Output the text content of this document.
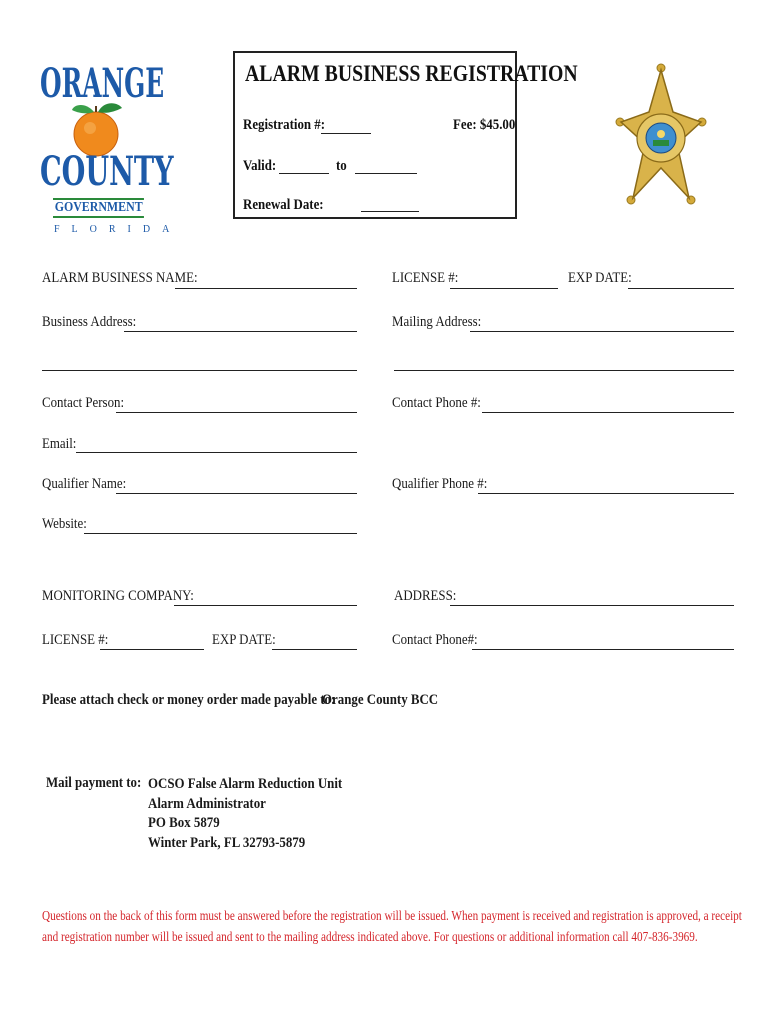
ORANGE
COUNTY
GOVERNMENT
FLORIDA
ALARM BUSINESS REGISTRATION
Registration #:	Fee: $45.00
Valid:	to
Renewal Date:
ALARM BUSINESS NAME:	LICENSE #:	EXP DATE:
Business Address:	Mailing Address:
Contact Person:	Contact Phone #:
Email:
Qualifier Name:	Qualifier Phone #:
Website:
MONITORING COMPANY:	ADDRESS:
LICENSE #:	EXP DATE:	Contact Phone#:
Please attach check or money order made payable to:
Orange County BCC
Mail payment to: OCSO False Alarm Reduction Unit
Alarm Administrator
PO Box 5879
Winter Park, FL 32793-5879
Questions on the back of this form must be answered before the registration will be issued. When payment is received and registration is approved, a receipt
and registration number will be issued and sent to the mailing address indicated above. For questions or additional information call 407-836-3969.
